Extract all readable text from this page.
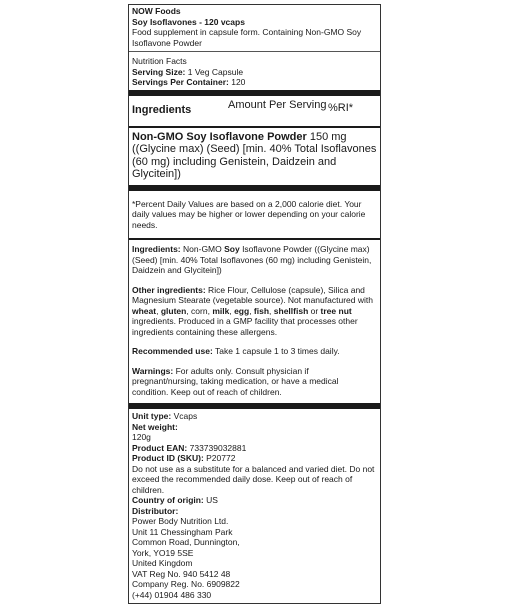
NOW Foods
Soy Isoflavones - 120 vcaps
Food supplement in capsule form. Containing Non-GMO Soy Isoflavone Powder
Nutrition Facts
Serving Size: 1 Veg Capsule
Servings Per Container: 120
Ingredients	Amount Per Serving %RI*
Non-GMO Soy Isoflavone Powder 150 mg ((Glycine max) (Seed) [min. 40% Total Isoflavones (60 mg) including Genistein, Daidzein and Glycitein])
*Percent Daily Values are based on a 2,000 calorie diet. Your daily values may be higher or lower depending on your calorie needs.

Ingredients: Non-GMO Soy Isoflavone Powder ((Glycine max) (Seed) [min. 40% Total Isoflavones (60 mg) including Genistein, Daidzein and Glycitein])

Other ingredients: Rice Flour, Cellulose (capsule), Silica and Magnesium Stearate (vegetable source). Not manufactured with wheat, gluten, corn, milk, egg, fish, shellfish or tree nut ingredients. Produced in a GMP facility that processes other ingredients containing these allergens.

Recommended use: Take 1 capsule 1 to 3 times daily.

Warnings: For adults only. Consult physician if pregnant/nursing, taking medication, or have a medical condition. Keep out of reach of children.

Unit type: Vcaps
Net weight:
120g
Product EAN: 733739032881
Product ID (SKU): P20772
Do not use as a substitute for a balanced and varied diet. Do not exceed the recommended daily dose. Keep out of reach of children.
Country of origin: US
Distributor:
Power Body Nutrition Ltd.
Unit 11 Chessingham Park
Common Road, Dunnington,
York, YO19 5SE
United Kingdom
VAT Reg No. 940 5412 48
Company Reg. No. 6909822
(+44) 01904 486 330
